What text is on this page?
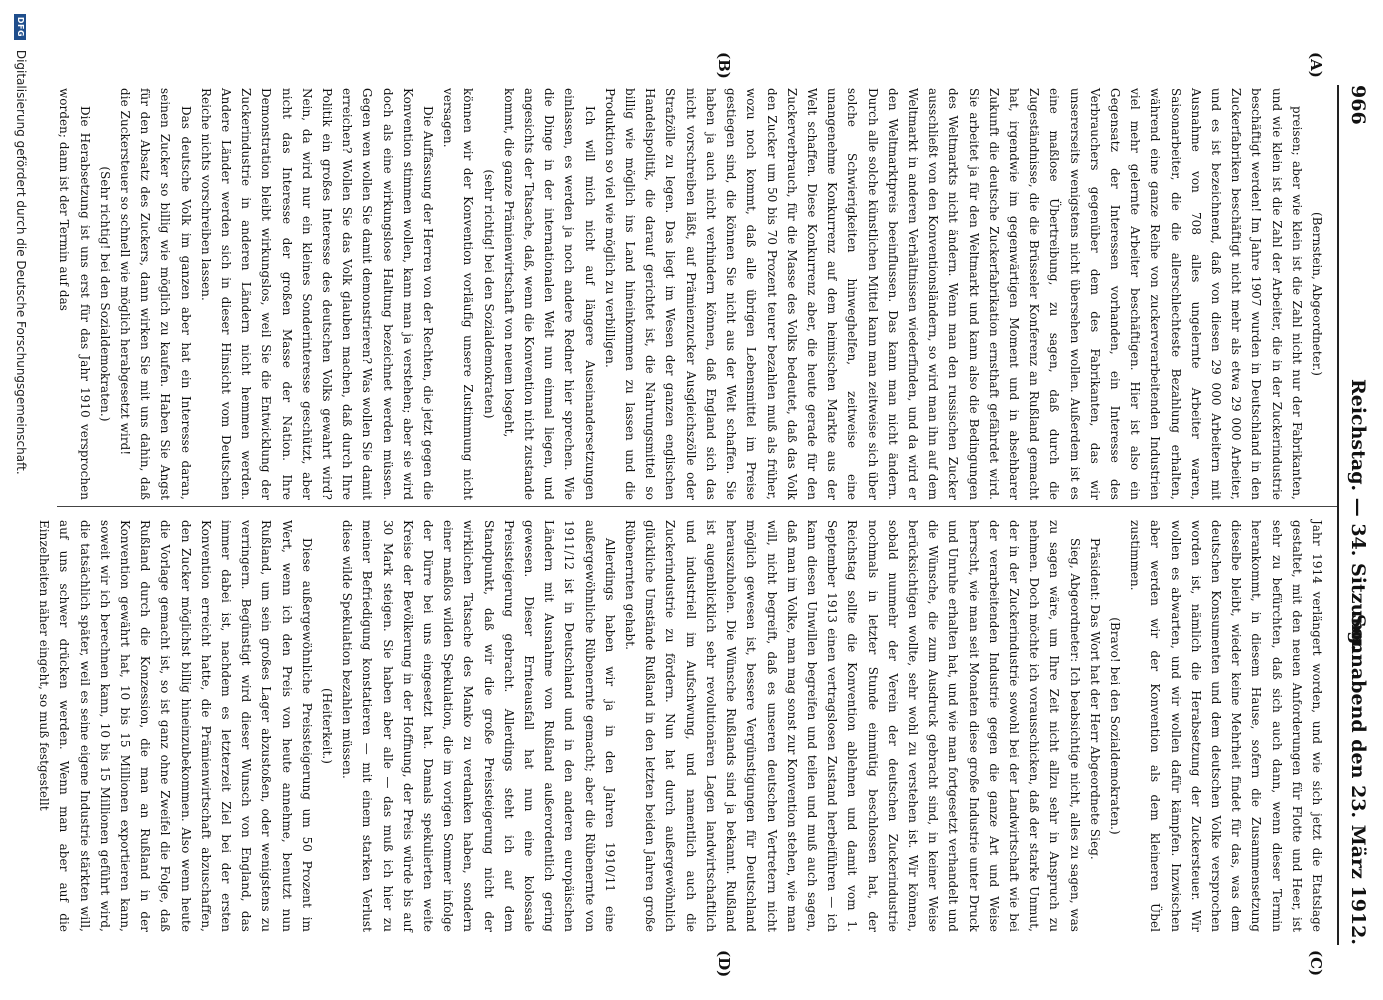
966
Reichstag. — 34. Sitzung.
Sonnabend den 23. März 1912.
(A)
(B)
(C)
(D)

(Bernstein, Abgeordneter.)

preisen; aber wie klein ist die Zahl nicht nur der Fabrikanten, und wie klein ist die Zahl der Arbeiter, die in der Zuckerindustrie beschäftigt werden! Im Jahre 1907 wurden in Deutschland in den Zuckerfabriken beschäftigt nicht mehr als etwa 29 000 Arbeiter, und es ist bezeichnend, daß von diesen 29 000 Arbeitern mit Ausnahme von 708 alles ungelernte Arbeiter waren, Saisonarbeiter, die die allerschlechteste Bezahlung erhalten, während eine ganze Reihe von zuckerverarbeitenden Industrien viel mehr gelernte Arbeiter beschäftigen. Hier ist also ein Gegensatz der Interessen vorhanden, ein Interesse des Verbrauchers gegenüber dem des Fabrikanten, das wir unsererseits wenigstens nicht übersehen wollen. Außerdem ist es eine maßlose Übertreibung, zu sagen, daß durch die Zugeständnisse, die die Brüsseler Konferenz an Rußland gemacht hat, irgendwie im gegenwärtigen Moment und in absehbarer Zukunft die deutsche Zuckerfabrikation ernsthaft gefährdet wird. Sie arbeitet ja für den Weltmarkt und kann also die Bedingungen des Weltmarkts nicht ändern. Wenn man den russischen Zucker ausschließt von den Konventionsländern, so wird man ihn auf dem Weltmarkt in anderen Verhältnissen wiederfinden, und da wird er den Weltmarktpreis beeinflussen. Das kann man nicht ändern. Durch alle solche künstlichen Mittel kann man zeitweise sich über solche Schwierigkeiten hinweghelfen, zeitweise eine unangenehme Konkurrenz auf dem heimischen Markte aus der Welt schaffen. Diese Konkurrenz aber, die heute gerade für den Zuckerverbrauch, für die Masse des Volks bedeutet, daß das Volk den Zucker um 50 bis 70 Prozent teurer bezahlen muß als früher, wozu noch kommt, daß alle übrigen Lebensmittel im Preise gestiegen sind, die können Sie nicht aus der Welt schaffen. Sie haben ja auch nicht verhindern können, daß England sich das nicht vorschreiben läßt, auf Prämienzucker Ausgleichszölle oder Strafzölle zu legen. Das liegt im Wesen der ganzen englischen Handelspolitik, die darauf gerichtet ist, die Nahrungsmittel so billig wie möglich ins Land hineinkommen zu lassen und die Produktion so viel wie möglich zu verbilligen.

Ich will mich nicht auf längere Auseinandersetzungen einlassen, es werden ja noch andere Redner hier sprechen. Wie die Dinge in der internationalen Welt nun einmal liegen, und angesichts der Tatsache, daß, wenn die Konvention nicht zustande kommt, die ganze Prämienwirtschaft von neuem losgeht,

(sehr richtig! bei den Sozialdemokraten)

können wir der Konvention vorläufig unsere Zustimmung nicht versagen.

Die Auffassung der Herren von der Rechten, die jetzt gegen die Konvention stimmen wollen, kann man ja verstehen; aber sie wird doch als eine wirkungslose Haltung bezeichnet werden müssen. Gegen wen wollen Sie damit demonstrieren? Was wollen Sie damit erreichen? Wollen Sie das Volk glauben machen, daß durch Ihre Politik ein großes Interesse des deutschen Volks gewahrt wird? Nein, da wird nur ein kleines Sonderinteresse geschützt, aber nicht das Interesse der großen Masse der Nation. Ihre Demonstration bleibt wirkungslos, weil Sie die Entwicklung der Zuckerindustrie in anderen Ländern nicht hemmen werden. Andere Länder werden sich in dieser Hinsicht vom Deutschen Reiche nichts vorschreiben lassen.

Das deutsche Volk im ganzen aber hat ein Interesse daran, seinen Zucker so billig wie möglich zu kaufen. Haben Sie Angst für den Absatz des Zuckers, dann wirken Sie mit uns dahin, daß die Zuckersteuer so schnell wie möglich herabgesetzt wird!

(Sehr richtig! bei den Sozialdemokraten.)

Die Herabsetzung ist uns erst für das Jahr 1910 versprochen worden; dann ist der Termin auf das

Jahr 1914 verlängert worden, und wie sich jetzt die Etatslage gestaltet, mit den neuen Anforderungen für Flotte und Heer, ist sehr zu befürchten, daß sich auch dann, wenn dieser Termin herankommt, in diesem Hause, sofern die Zusammensetzung dieselbe bleibt, wieder keine Mehrheit findet für das, was dem deutschen Konsumenten und dem deutschen Volke versprochen worden ist, nämlich die Herabsetzung der Zuckersteuer. Wir wollen es abwarten, und wir wollen dafür kämpfen. Inzwischen aber werden wir der Konvention als dem kleineren Übel zustimmen.

(Bravo! bei den Sozialdemokraten.)

Präsident: Das Wort hat der Herr Abgeordnete Sieg.

Sieg, Abgeordneter: Ich beabsichtige nicht, alles zu sagen, was zu sagen wäre, um Ihre Zeit nicht allzu sehr in Anspruch zu nehmen. Doch möchte ich vorausschicken, daß der starke Unmut, der in der Zuckerindustrie sowohl bei der Landwirtschaft wie bei der verarbeitenden Industrie gegen die ganze Art und Weise herrscht, wie man seit Monaten diese große Industrie unter Druck und Unruhe erhalten hat, und wie man fortgesetzt verhandelt und die Wünsche, die zum Ausdruck gebracht sind, in keiner Weise berücksichtigen wollte, sehr wohl zu verstehen ist. Wir können, sobald nunmehr der Verein der deutschen Zuckerindustrie nochmals in letzter Stunde einmütig beschlossen hat, der Reichstag sollte die Konvention ablehnen und damit vom 1. September 1913 einen vertragslosen Zustand herbeiführen — ich kann diesen Unwillen begreifen und teilen und muß auch sagen, daß man im Volke, man mag sonst zur Konvention stehen, wie man will, nicht begreift, daß es unseren deutschen Vertretern nicht möglich gewesen ist, bessere Vergünstigungen für Deutschland herauszuholen. Die Wünsche Rußlands sind ja bekannt. Rußland ist augenblicklich sehr revolutionären Lagen landwirtschaftlich und industriell im Aufschwung, und namentlich auch die Zuckerindustrie zu fördern. Nun hat durch außergewöhnlich glückliche Umstände Rußland in den letzten beiden Jahren große Rübenernten gehabt.

Allerdings haben wir ja in den Jahren 1910/11 eine außergewöhnliche Rübenernte gemacht; aber die Rübenernte von 1911/12 ist in Deutschland und in den anderen europäischen Ländern mit Ausnahme von Rußland außerordentlich gering gewesen. Dieser Ernteausfall hat nun eine kolossale Preissteigerung gebracht. Allerdings steht ich auf dem Standpunkt, daß wir die große Preissteigerung nicht der wirklichen Tatsache des Manko zu verdanken haben, sondern einer maßlos wilden Spekulation, die im vorigen Sommer infolge der Dürre bei uns eingesetzt hat. Damals spekulierten weite Kreise der Bevölkerung in der Hoffnung, der Preis würde bis auf 30 Mark steigen. Sie haben aber alle — das muß ich hier zu meiner Befriedigung konstatieren — mit einem starken Verlust diese wilde Spekulation bezahlen müssen.

(Heiterkeit.)

Diese außergewöhnliche Preissteigerung um 50 Prozent im Wert, wenn ich den Preis von heute annehme, benutzt nun Rußland, um sein großes Lager abzustoßen, oder wenigstens zu verringern. Begünstigt wird dieser Wunsch von England, das immer dabei ist, nachdem es letzterzeit Ziel bei der ersten Konvention erreicht hatte, die Prämienwirtschaft abzuschaffen, den Zucker möglichst billig hineinzubekommen. Also wenn heute die Vorlage gemacht ist, so ist ganz ohne Zweifel die Folge, daß Rußland durch die Konzession, die man an Rußland in der Konvention gewährt hat, 10 bis 15 Millionen exportieren kann, soweit wir ich berechnen kann, 10 bis 15 Millionen geführt wird, die tatsächlich später, weil es seine eigene Industrie stärkten will, auf uns schwer drücken werden. Wenn man aber auf die Einzelheiten näher eingeht, so muß festgestellt

DFG Digitalisierung gefördert durch die Deutsche Forschungsgemeinschaft.
